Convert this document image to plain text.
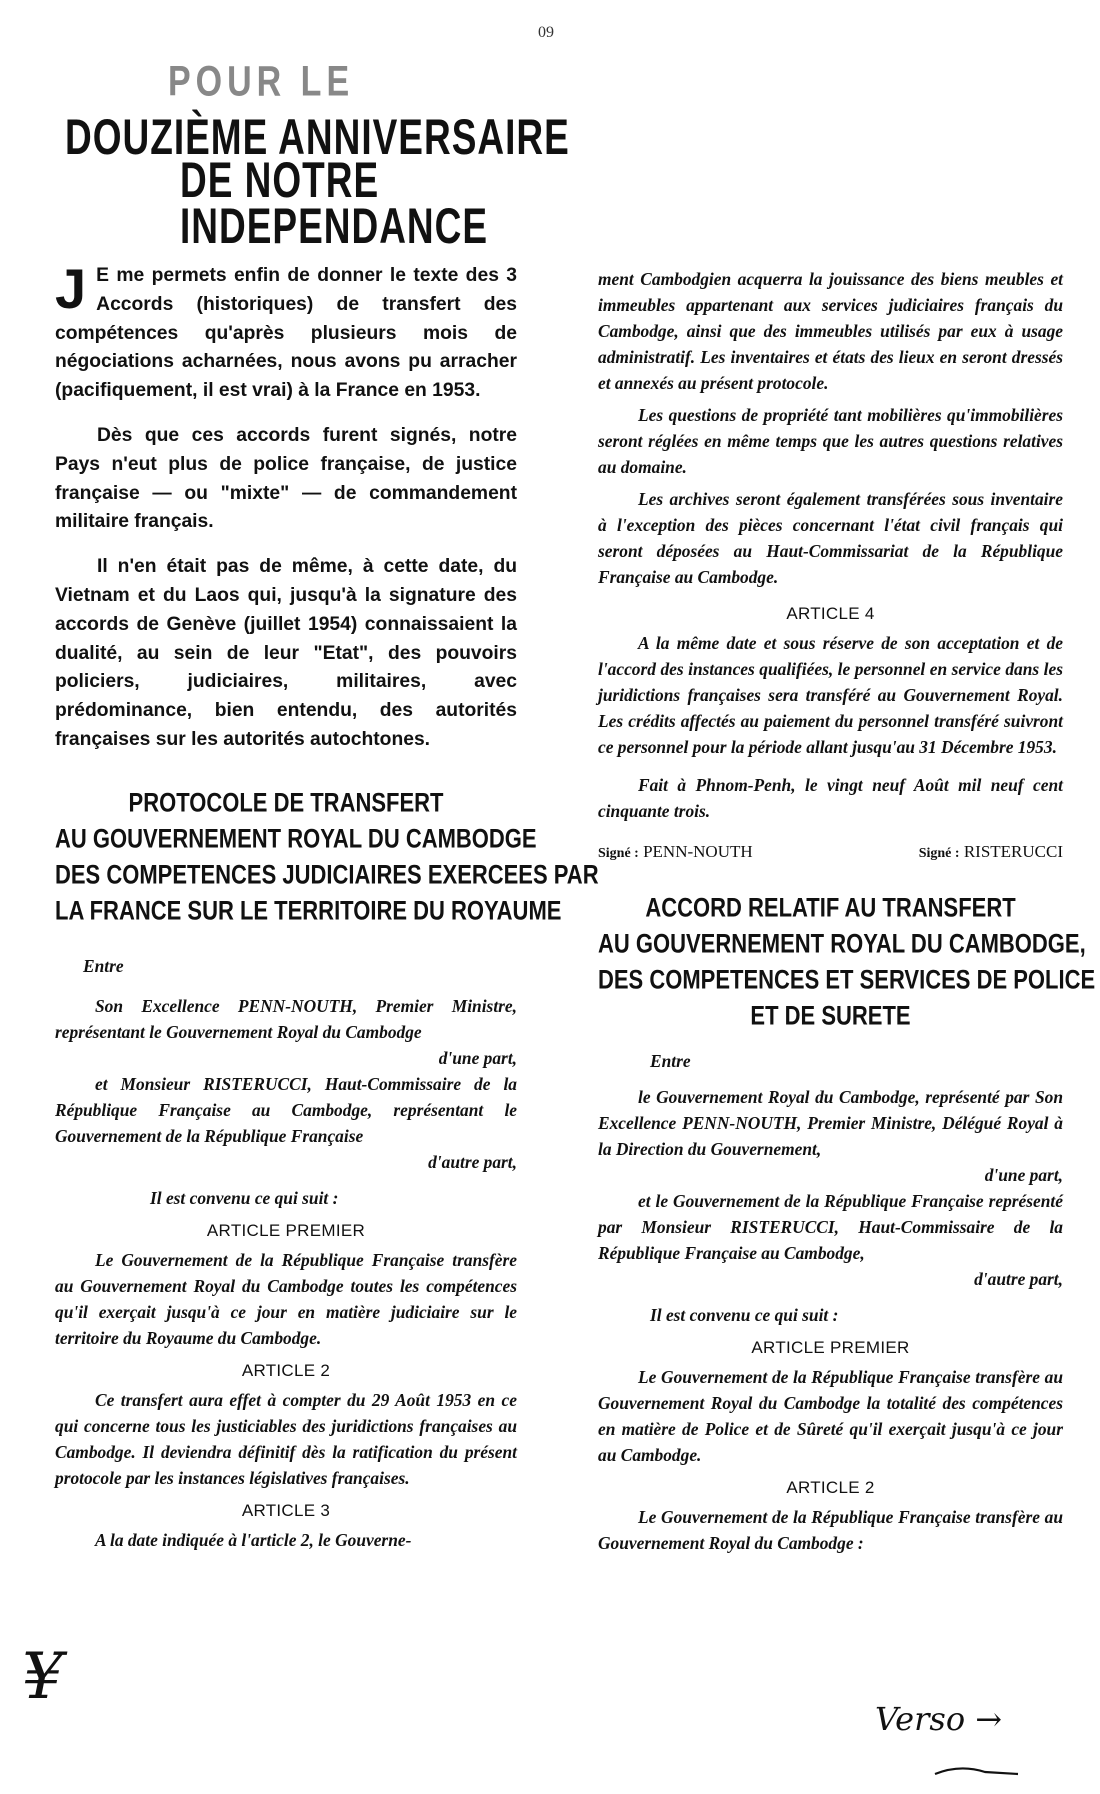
09
POUR LE
DOUZIÈME ANNIVERSAIRE
DE NOTRE
INDEPENDANCE

J E me permets enfin de donner le texte des 3 Accords (historiques) de transfert des compétences qu'après plusieurs mois de négociations acharnées, nous avons pu arracher (pacifiquement, il est vrai) à la France en 1953.

Dès que ces accords furent signés, notre Pays n'eut plus de police française, de justice française — ou "mixte" — de commandement militaire français.

Il n'en était pas de même, à cette date, du Vietnam et du Laos qui, jusqu'à la signature des accords de Genève (juillet 1954) connaissaient la dualité, au sein de leur "Etat", des pouvoirs policiers, judiciaires, militaires, avec prédominance, bien entendu, des autorités françaises sur les autorités autochtones.

PROTOCOLE DE TRANSFERT

AU GOUVERNEMENT ROYAL DU CAMBODGE

DES COMPETENCES JUDICIAIRES EXERCEES PAR

LA FRANCE SUR LE TERRITOIRE DU ROYAUME

Entre

Son Excellence PENN-NOUTH, Premier Ministre, représentant le Gouvernement Royal du Cambodge

d'une part,

et Monsieur RISTERUCCI, Haut-Commissaire de la République Française au Cambodge, représentant le Gouvernement de la République Française

d'autre part,

Il est convenu ce qui suit :

ARTICLE PREMIER

Le Gouvernement de la République Française transfère au Gouvernement Royal du Cambodge toutes les compétences qu'il exerçait jusqu'à ce jour en matière judiciaire sur le territoire du Royaume du Cambodge.

ARTICLE 2

Ce transfert aura effet à compter du 29 Août 1953 en ce qui concerne tous les justiciables des juridictions françaises au Cambodge. Il deviendra définitif dès la ratification du présent protocole par les instances législatives françaises.

ARTICLE 3

A la date indiquée à l'article 2, le Gouverne-

ment Cambodgien acquerra la jouissance des biens meubles et immeubles appartenant aux services judiciaires français du Cambodge, ainsi que des immeubles utilisés par eux à usage administratif. Les inventaires et états des lieux en seront dressés et annexés au présent protocole.

Les questions de propriété tant mobilières qu'immobilières seront réglées en même temps que les autres questions relatives au domaine.

Les archives seront également transférées sous inventaire à l'exception des pièces concernant l'état civil français qui seront déposées au Haut-Commissariat de la République Française au Cambodge.

ARTICLE 4

A la même date et sous réserve de son acceptation et de l'accord des instances qualifiées, le personnel en service dans les juridictions françaises sera transféré au Gouvernement Royal. Les crédits affectés au paiement du personnel transféré suivront ce personnel pour la période allant jusqu'au 31 Décembre 1953.

Fait à Phnom-Penh, le vingt neuf Août mil neuf cent cinquante trois.

Signé : PENN-NOUTH	Signé : RISTERUCCI

ACCORD RELATIF AU TRANSFERT

AU GOUVERNEMENT ROYAL DU CAMBODGE,

DES COMPETENCES ET SERVICES DE POLICE

ET DE SURETE

Entre

le Gouvernement Royal du Cambodge, représenté par Son Excellence PENN-NOUTH, Premier Ministre, Délégué Royal à la Direction du Gouvernement,

d'une part,

et le Gouvernement de la République Française représenté par Monsieur RISTERUCCI, Haut-Commissaire de la République Française au Cambodge,

d'autre part,

Il est convenu ce qui suit :

ARTICLE PREMIER

Le Gouvernement de la République Française transfère au Gouvernement Royal du Cambodge la totalité des compétences en matière de Police et de Sûreté qu'il exerçait jusqu'à ce jour au Cambodge.

ARTICLE 2

Le Gouvernement de la République Française transfère au Gouvernement Royal du Cambodge :

¥
Verso →
